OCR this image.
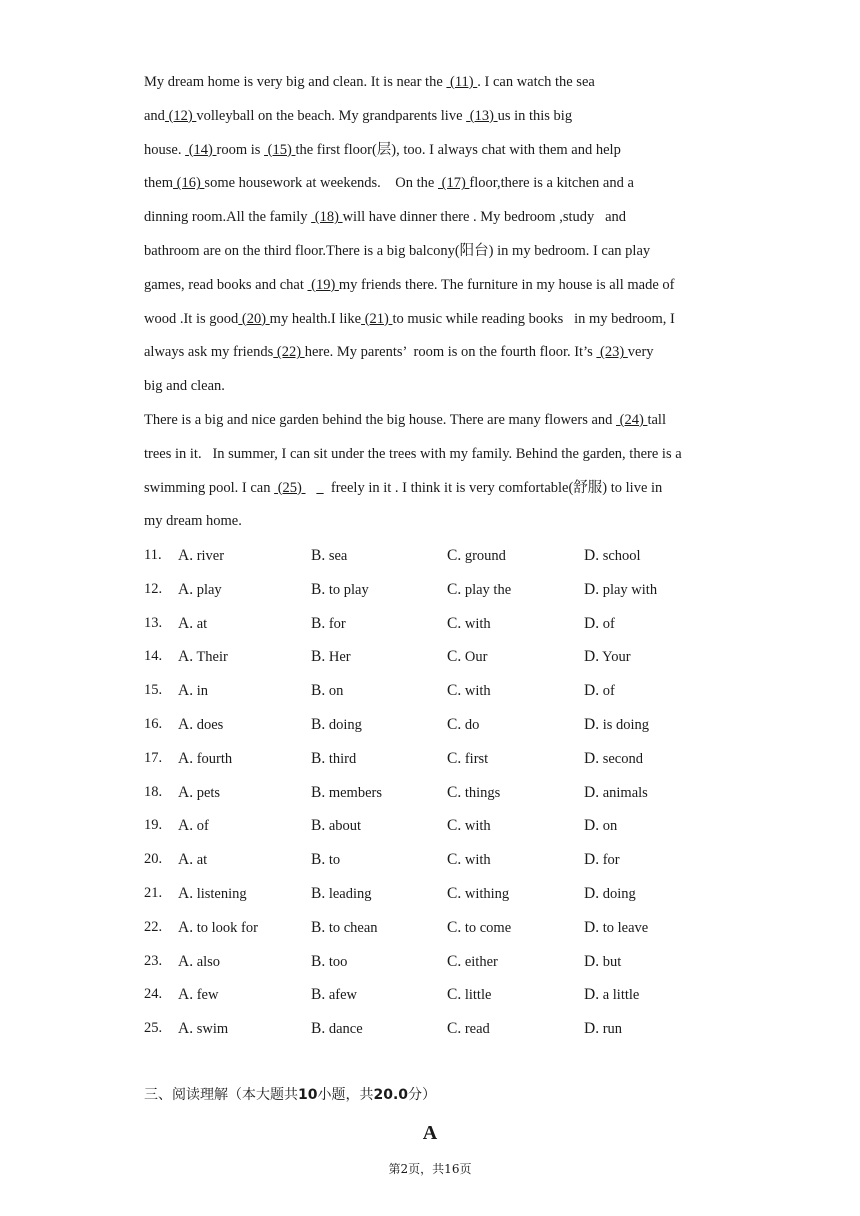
My dream home is very big and clean. It is near the  (11) . I can watch the sea
and (12) volleyball on the beach. My grandparents live  (13) us in this big
house.  (14) room is  (15) the first floor(层), too. I always chat with them and help
them (16) some housework at weekends.    On the  (17) floor,there is a kitchen and a
dinning room.All the family  (18) will have dinner there . My bedroom ,study   and
bathroom are on the third floor.There is a big balcony(阳台) in my bedroom. I can play
games, read books and chat  (19) my friends there. The furniture in my house is all made of
wood .It is good (20) my health.I like (21) to music while reading books   in my bedroom, I
always ask my friends (22) here. My parents’  room is on the fourth floor. It’s  (23) very
big and clean.
There is a big and nice garden behind the big house. There are many flowers and  (24) tall
trees in it.   In summer, I can sit under the trees with my family. Behind the garden, there is a
swimming pool. I can  (25)        freely in it . I think it is very comfortable(舒服) to live in
my dream home.
11. A. river	B. sea	C. ground	D. school
12. A. play	B. to play	C. play the	D. play with
13. A. at	B. for	C. with	D. of
14. A. Their	B. Her	C. Our	D. Your
15. A. in	B. on	C. with	D. of
16. A. does	B. doing	C. do	D. is doing
17. A. fourth	B. third	C. first	D. second
18. A. pets	B. members	C. things	D. animals
19. A. of	B. about	C. with	D. on
20. A. at	B. to	C. with	D. for
21. A. listening	B. leading	C. withing	D. doing
22. A. to look for	B. to chean	C. to come	D. to leave
23. A. also	B. too	C. either	D. but
24. A. few	B. afew	C. little	D. a little
25. A. swim	B. dance	C. read	D. run
三、阅读理解（本大题共10小题，共20.0分）
A
第2页，共16页
